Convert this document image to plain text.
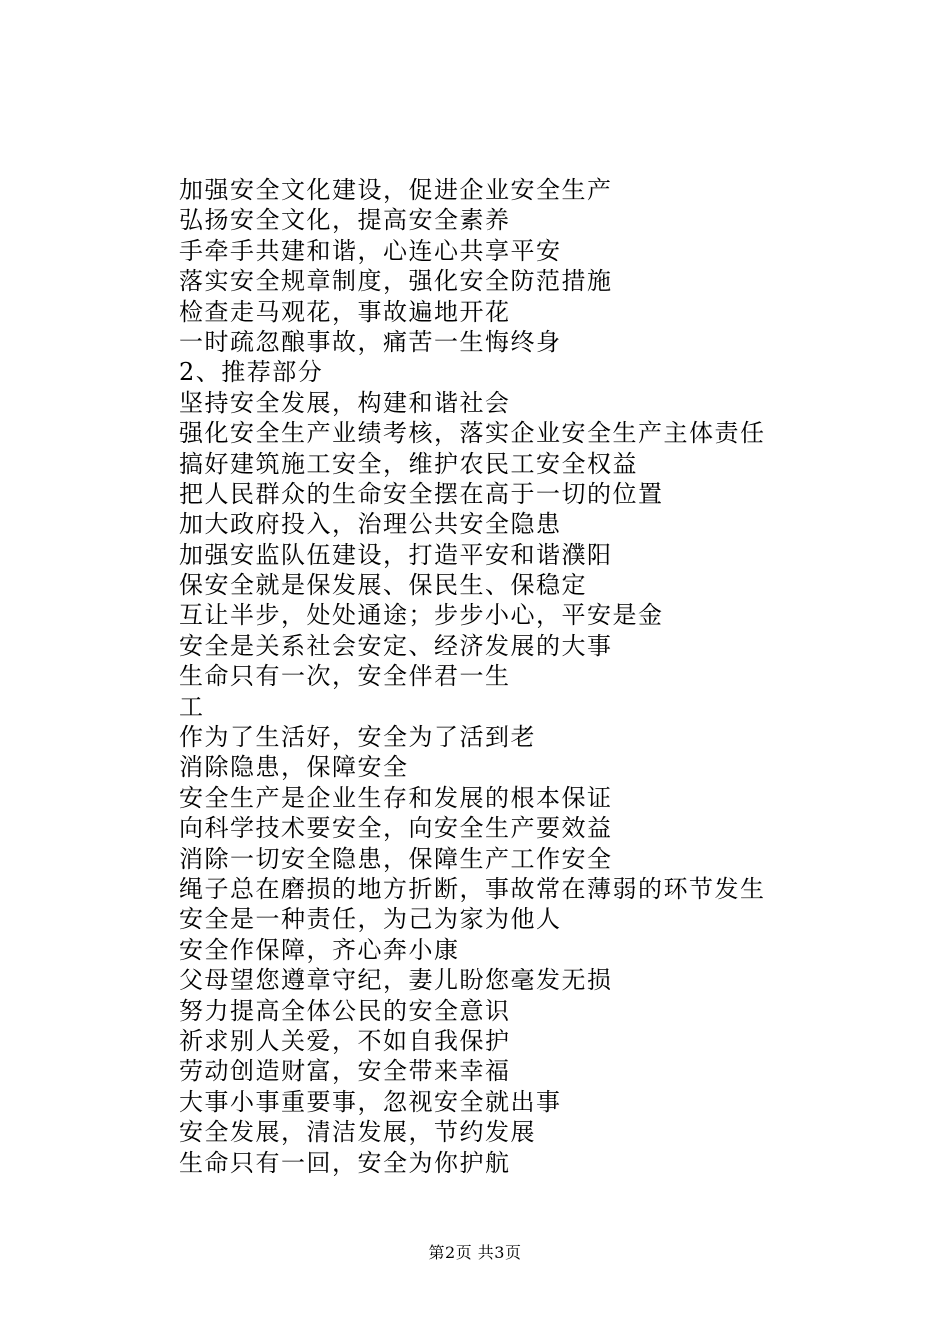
加强安全文化建设，促进企业安全生产
弘扬安全文化，提高安全素养
手牵手共建和谐，心连心共享平安
落实安全规章制度，强化安全防范措施
检查走马观花，事故遍地开花
一时疏忽酿事故，痛苦一生悔终身
2、推荐部分
坚持安全发展，构建和谐社会
强化安全生产业绩考核，落实企业安全生产主体责任
搞好建筑施工安全，维护农民工安全权益
把人民群众的生命安全摆在高于一切的位置
加大政府投入，治理公共安全隐患
加强安监队伍建设，打造平安和谐濮阳
保安全就是保发展、保民生、保稳定
互让半步，处处通途；步步小心，平安是金
安全是关系社会安定、经济发展的大事
生命只有一次，安全伴君一生
工
作为了生活好，安全为了活到老
消除隐患，保障安全
安全生产是企业生存和发展的根本保证
向科学技术要安全，向安全生产要效益
消除一切安全隐患，保障生产工作安全
绳子总在磨损的地方折断，事故常在薄弱的环节发生
安全是一种责任，为己为家为他人
安全作保障，齐心奔小康
父母望您遵章守纪，妻儿盼您毫发无损
努力提高全体公民的安全意识
祈求别人关爱，不如自我保护
劳动创造财富，安全带来幸福
大事小事重要事，忽视安全就出事
安全发展，清洁发展，节约发展
生命只有一回，安全为你护航
第2页 共3页
